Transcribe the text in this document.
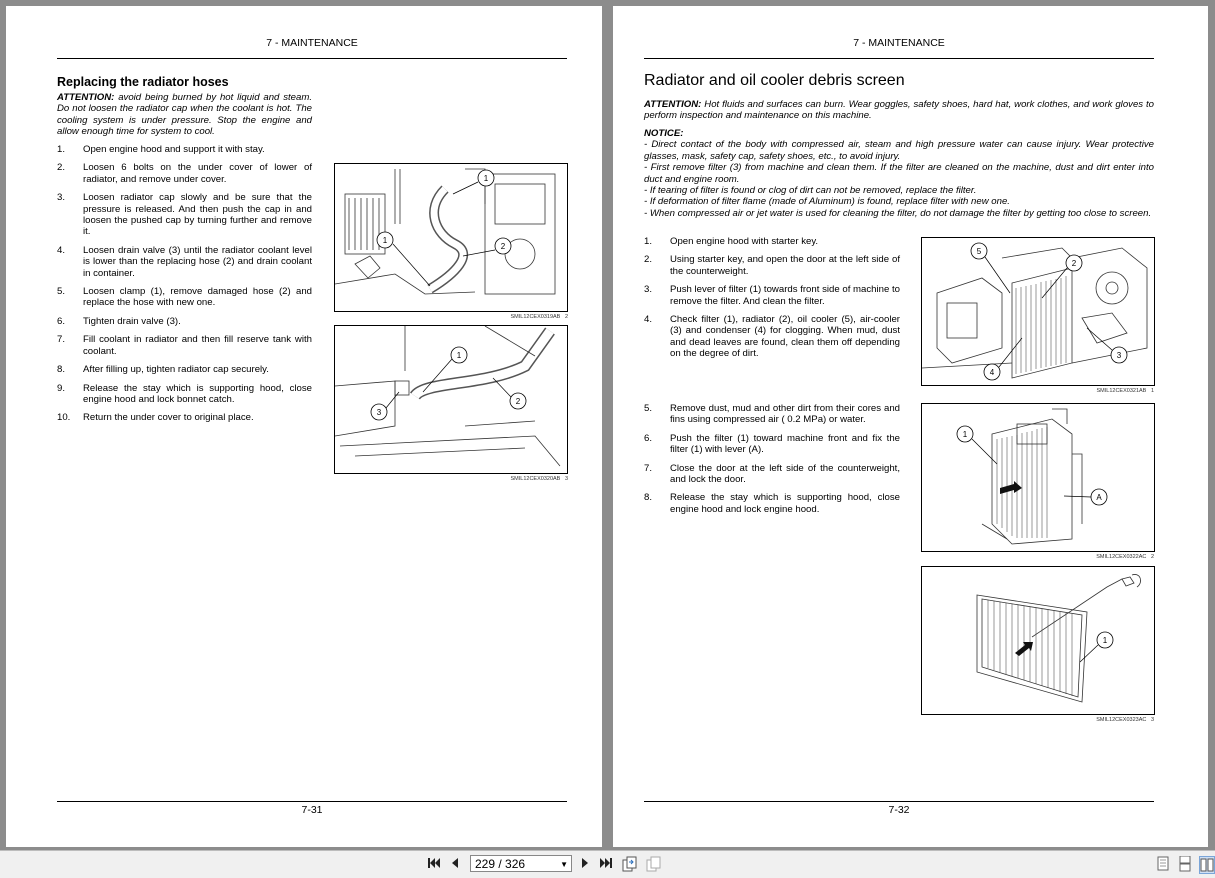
7 - MAINTENANCE
Replacing the radiator hoses

ATTENTION: avoid being burned by hot liquid and steam. Do not loosen the radiator cap when the coolant is hot. The cooling system is under pressure. Stop the engine and allow enough time for system to cool.

1. Open engine hood and support it with stay.
2. Loosen 6 bolts on the under cover of lower of radiator, and remove under cover.
3. Loosen radiator cap slowly and be sure that the pressure is released. And then push the cap in and loosen the pushed cap by turning further and remove it.
4. Loosen drain valve (3) until the radiator coolant level is lower than the replacing hose (2) and drain coolant in container.
5. Loosen clamp (1), remove damaged hose (2) and replace the hose with new one.
6. Tighten drain valve (3).
7. Fill coolant in radiator and then fill reserve tank with coolant.
8. After filling up, tighten radiator cap securely.
9. Release the stay which is supporting hood, close engine hood and lock bonnet catch.
10. Return the under cover to original place.
1
1
2
SMIL12CEX0319AB 2
1
2
3
SMIL12CEX0320AB 3
7-31
7 - MAINTENANCE
Radiator and oil cooler debris screen

ATTENTION: Hot fluids and surfaces can burn. Wear goggles, safety shoes, hard hat, work clothes, and work gloves to perform inspection and maintenance on this machine.

NOTICE:
- Direct contact of the body with compressed air, steam and high pressure water can cause injury. Wear protective glasses, mask, safety cap, safety shoes, etc., to avoid injury.
- First remove filter (3) from machine and clean them. If the filter are cleaned on the machine, dust and dirt enter into duct and engine room.
- If tearing of filter is found or clog of dirt can not be removed, replace the filter.
- If deformation of filter flame (made of Aluminum) is found, replace filter with new one.
- When compressed air or jet water is used for cleaning the filter, do not damage the filter by getting too close to screen.
1. Open engine hood with starter key.
2. Using starter key, and open the door at the left side of the counterweight.
3. Push lever of filter (1) towards front side of machine to remove the filter. And clean the filter.
4. Check filter (1), radiator (2), oil cooler (5), air-cooler (3) and condenser (4) for clogging. When mud, dust and dead leaves are found, clean them off depending on the degree of dirt.
5. Remove dust, mud and other dirt from their cores and fins using compressed air ( 0.2 MPa) or water.
6. Push the filter (1) toward machine front and fix the filter (1) with lever (A).
7. Close the door at the left side of the counterweight, and lock the door.
8. Release the stay which is supporting hood, close engine hood and lock engine hood.
5
2
3
4
SMIL12CEX0321AB 1
1
A
SMIL12CEX0322AC 2
1
SMIL12CEX0323AC 3
7-32
229 / 326	▼
